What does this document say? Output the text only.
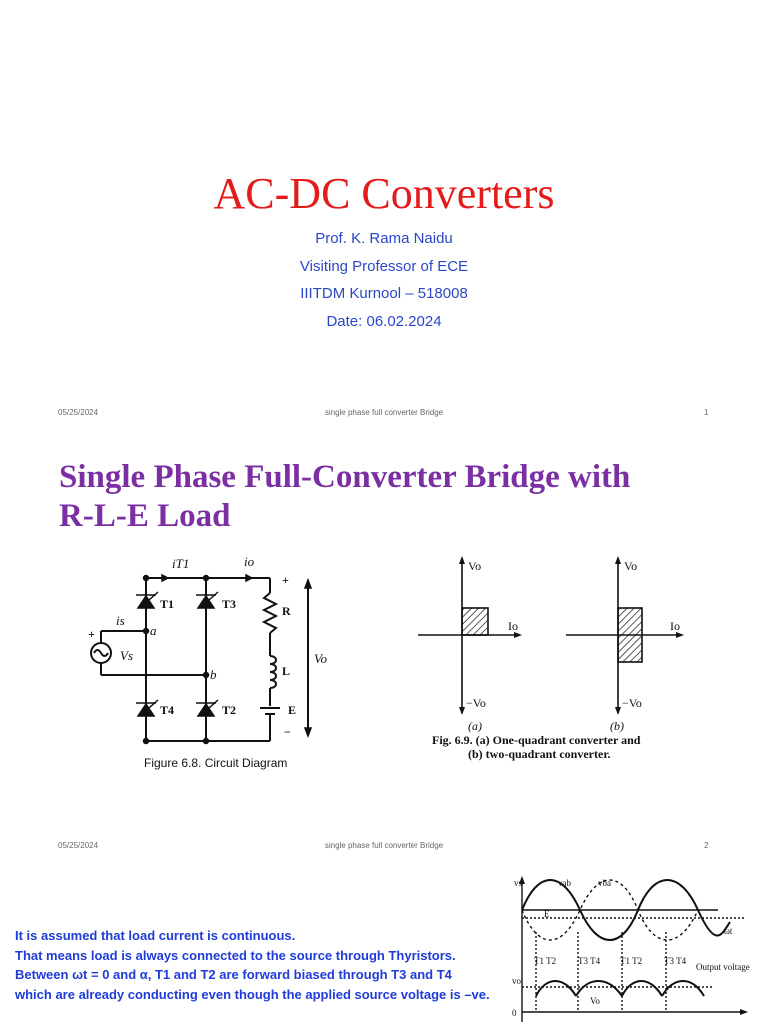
AC-DC Converters
Prof. K. Rama Naidu
Visiting Professor of ECE
IIITDM Kurnool – 518008
Date: 06.02.2024
05/25/2024	single phase full converter Bridge	1
Single Phase Full-Converter Bridge with
R-L-E Load
iT1	io
is
Vs
a
b
Vo
T1	T3
T4	T2
R
L
E
+
−
+
Figure 6.8. Circuit Diagram
Vo
−Vo
Io
Vo
−Vo
Io
(a)	(b)
Fig. 6.9. (a) One-quadrant converter and
(b) two-quadrant converter.
05/25/2024	single phase full converter Bridge	2
It is assumed that load current is continuous.
That means load is always connected to the source through Thyristors.
Between ωt = 0 and α, T1 and T2 are forward biased through T3 and T4
which are already conducting even though the applied source voltage is –ve.
vs	vab	vba
E
ωt
T1 T2 T3 T4 T1 T2 T3 T4
Output voltage
vo
Vo
0
